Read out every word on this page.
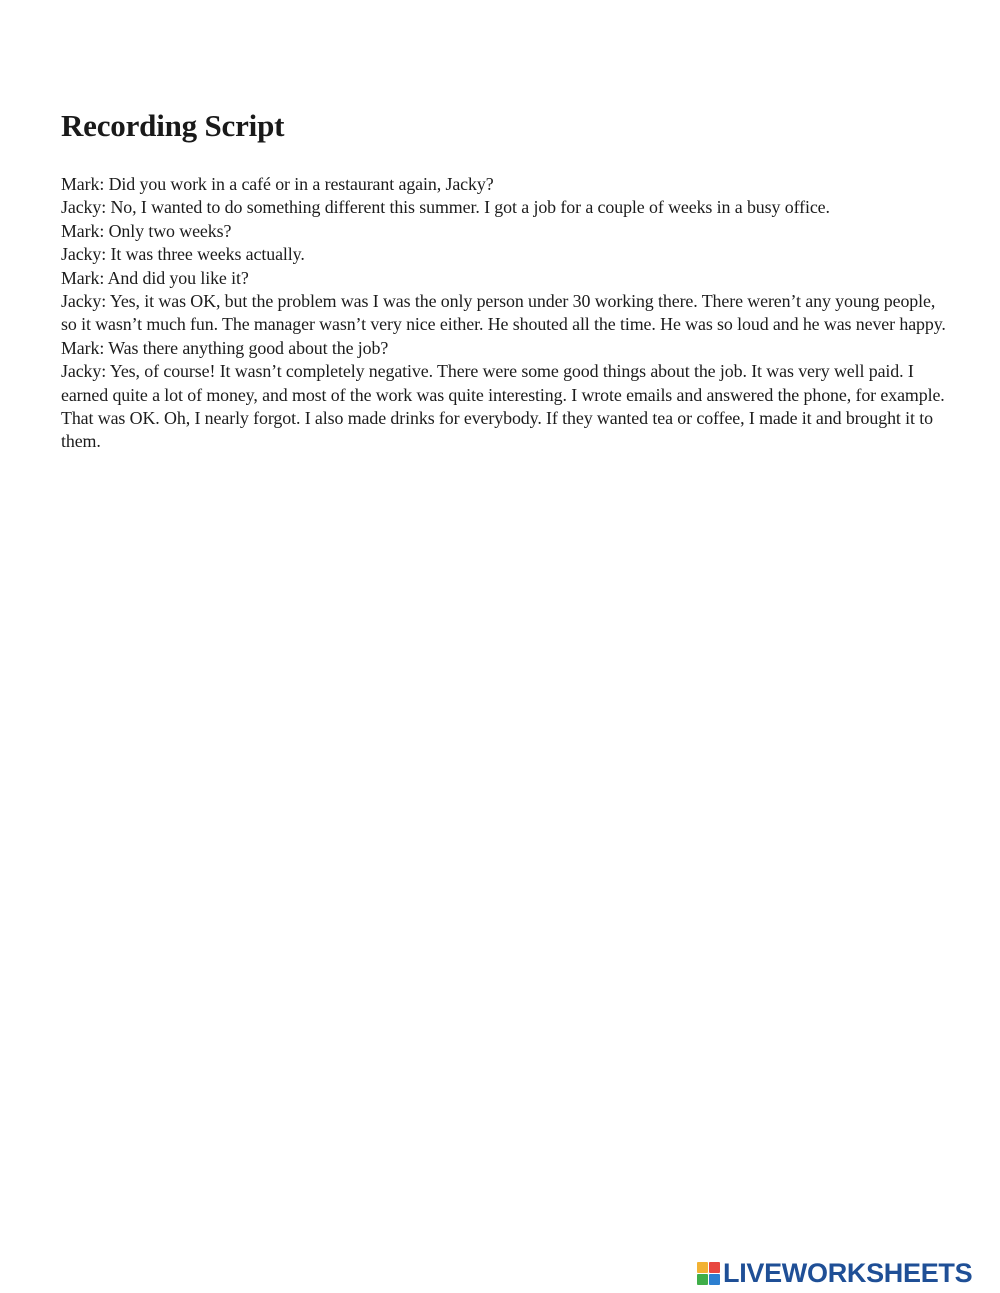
Recording Script

Mark: Did you work in a café or in a restaurant again, Jacky?

Jacky: No, I wanted to do something different this summer. I got a job for a couple of weeks in a busy office.

Mark: Only two weeks?

Jacky: It was three weeks actually.

Mark: And did you like it?

Jacky: Yes, it was OK, but the problem was I was the only person under 30 working there. There weren’t any young people, so it wasn’t much fun. The manager wasn’t very nice either. He shouted all the time. He was so loud and he was never happy.

Mark: Was there anything good about the job?

Jacky: Yes, of course! It wasn’t completely negative. There were some good things about the job. It was very well paid. I earned quite a lot of money, and most of the work was quite interesting. I wrote emails and answered the phone, for example. That was OK. Oh, I nearly forgot. I also made drinks for everybody. If they wanted tea or coffee, I made it and brought it to them.

LIVEWORKSHEETS
